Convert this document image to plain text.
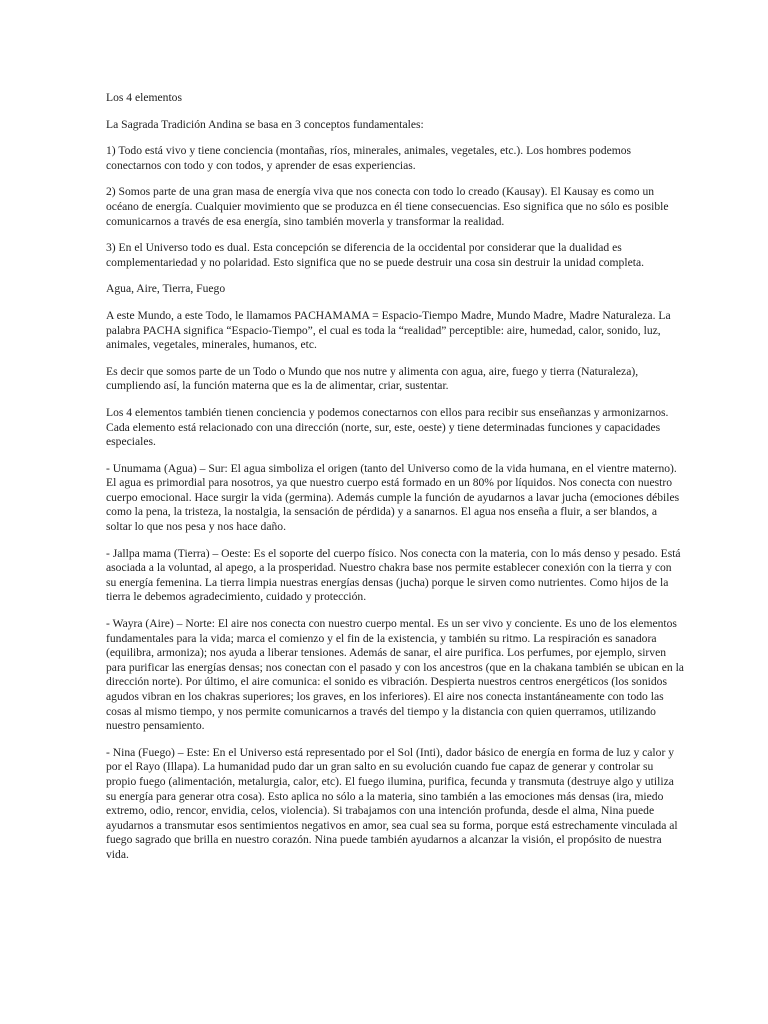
Los 4 elementos

La Sagrada Tradición Andina se basa en 3 conceptos fundamentales:

1) Todo está vivo y tiene conciencia (montañas, ríos, minerales, animales, vegetales, etc.). Los hombres podemos conectarnos con todo y con todos, y aprender de esas experiencias.

2) Somos parte de una gran masa de energía viva que nos conecta con todo lo creado (Kausay). El Kausay es como un océano de energía. Cualquier movimiento que se produzca en él tiene consecuencias. Eso significa que no sólo es posible comunicarnos a través de esa energía, sino también moverla y transformar la realidad.

3) En el Universo todo es dual. Esta concepción se diferencia de la occidental por considerar que la dualidad es complementariedad y no polaridad. Esto significa que no se puede destruir una cosa sin destruir la unidad completa.

Agua, Aire, Tierra, Fuego

A este Mundo, a este Todo, le llamamos PACHAMAMA = Espacio-Tiempo Madre, Mundo Madre, Madre Naturaleza. La palabra PACHA significa “Espacio-Tiempo”, el cual es toda la “realidad” perceptible: aire, humedad, calor, sonido, luz, animales, vegetales, minerales, humanos, etc.

Es decir que somos parte de un Todo o Mundo que nos nutre y alimenta con agua, aire, fuego y tierra (Naturaleza), cumpliendo así, la función materna que es la de alimentar, criar, sustentar.

Los 4 elementos también tienen conciencia y podemos conectarnos con ellos para recibir sus enseñanzas y armonizarnos. Cada elemento está relacionado con una dirección (norte, sur, este, oeste) y tiene determinadas funciones y capacidades especiales.

- Unumama (Agua) – Sur: El agua simboliza el origen (tanto del Universo como de la vida humana, en el vientre materno). El agua es primordial para nosotros, ya que nuestro cuerpo está formado en un 80% por líquidos. Nos conecta con nuestro cuerpo emocional. Hace surgir la vida (germina). Además cumple la función de ayudarnos a lavar jucha (emociones débiles como la pena, la tristeza, la nostalgia, la sensación de pérdida) y a sanarnos. El agua nos enseña a fluir, a ser blandos, a soltar lo que nos pesa y nos hace daño.

- Jallpa mama (Tierra) – Oeste: Es el soporte del cuerpo físico. Nos conecta con la materia, con lo más denso y pesado. Está asociada a la voluntad, al apego, a la prosperidad. Nuestro chakra base nos permite establecer conexión con la tierra y con su energía femenina. La tierra limpia nuestras energías densas (jucha) porque le sirven como nutrientes. Como hijos de la tierra le debemos agradecimiento, cuidado y protección.

- Wayra (Aire) – Norte: El aire nos conecta con nuestro cuerpo mental. Es un ser vivo y conciente. Es uno de los elementos fundamentales para la vida; marca el comienzo y el fin de la existencia, y también su ritmo. La respiración es sanadora (equilibra, armoniza); nos ayuda a liberar tensiones. Además de sanar, el aire purifica. Los perfumes, por ejemplo, sirven para purificar las energías densas; nos conectan con el pasado y con los ancestros (que en la chakana también se ubican en la dirección norte). Por último, el aire comunica: el sonido es vibración. Despierta nuestros centros energéticos (los sonidos agudos vibran en los chakras superiores; los graves, en los inferiores). El aire nos conecta instantáneamente con todo las cosas al mismo tiempo, y nos permite comunicarnos a través del tiempo y la distancia con quien querramos, utilizando nuestro pensamiento.

- Nina (Fuego) – Este: En el Universo está representado por el Sol (Inti), dador básico de energía en forma de luz y calor y por el Rayo (Illapa). La humanidad pudo dar un gran salto en su evolución cuando fue capaz de generar y controlar su propio fuego (alimentación, metalurgia, calor, etc). El fuego ilumina, purifica, fecunda y transmuta (destruye algo y utiliza su energía para generar otra cosa). Esto aplica no sólo a la materia, sino también a las emociones más densas (ira, miedo extremo, odio, rencor, envidia, celos, violencia). Si trabajamos con una intención profunda, desde el alma, Nina puede ayudarnos a transmutar esos sentimientos negativos en amor, sea cual sea su forma, porque está estrechamente vinculada al fuego sagrado que brilla en nuestro corazón. Nina puede también ayudarnos a alcanzar la visión, el propósito de nuestra vida.
